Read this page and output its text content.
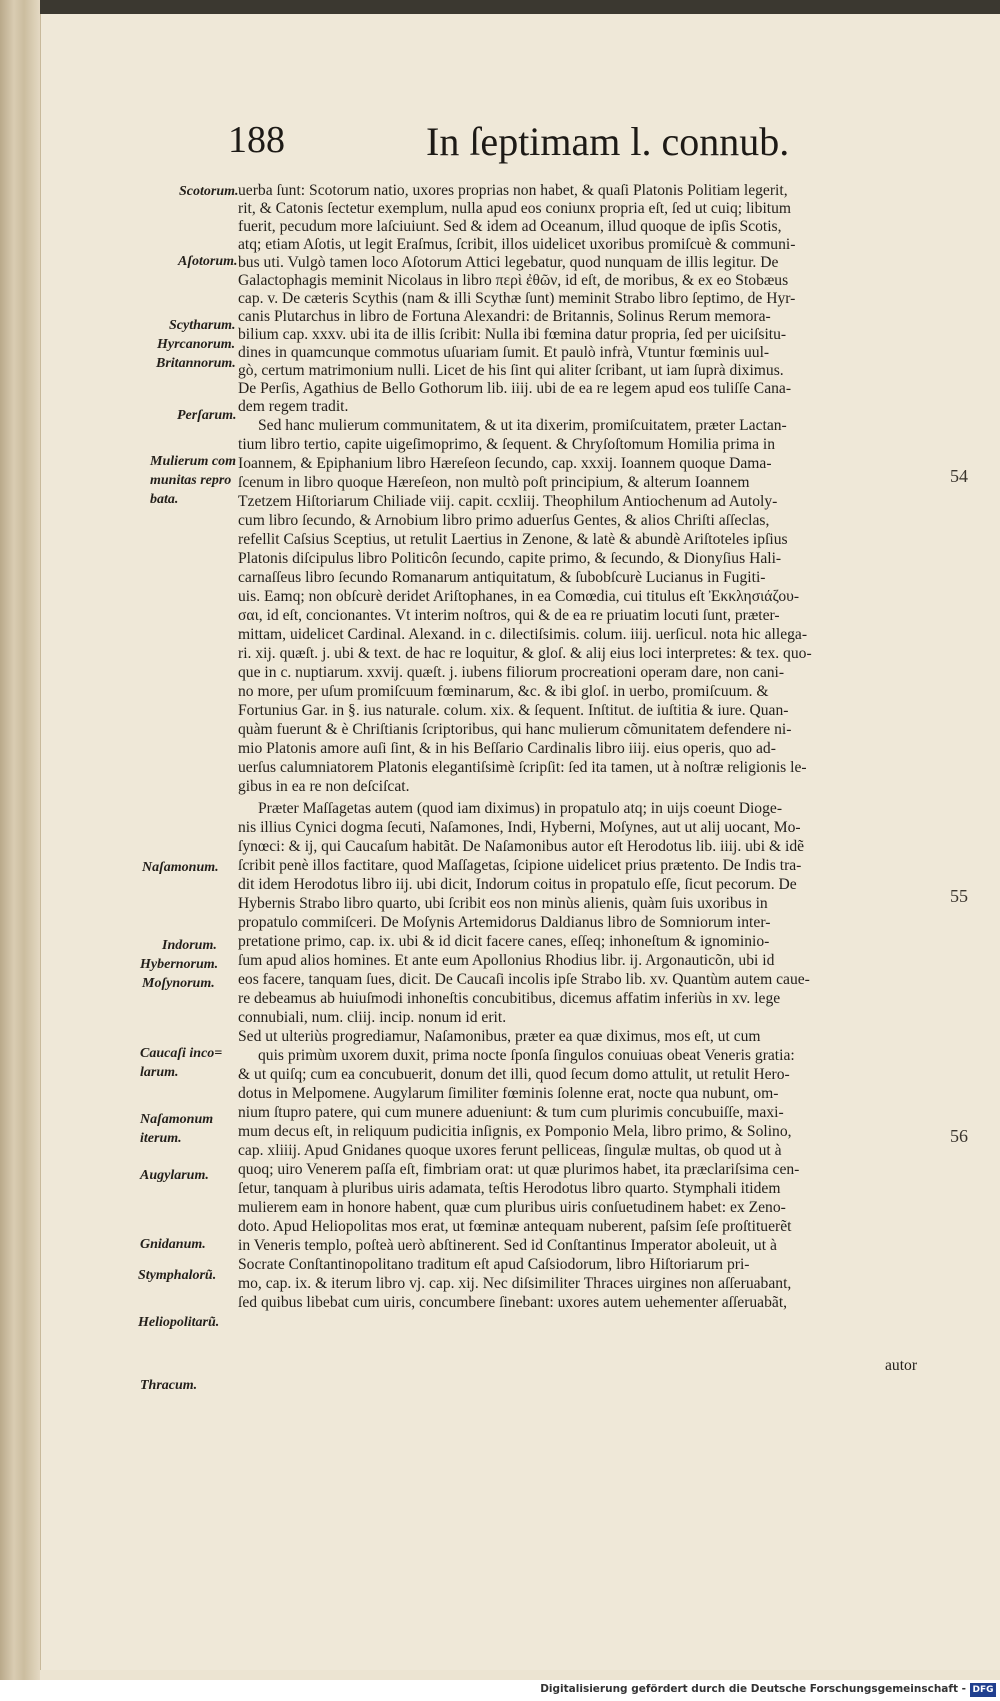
188	In ſeptimam l. connub.
uerba ſunt: Scotorum natio, uxores proprias non habet, & quaſi Platonis Politiam legerit,
rit, & Catonis ſectetur exemplum, nulla apud eos coniunx propria eſt, ſed ut cuiq; libitum
fuerit, pecudum more laſciuiunt. Sed & idem ad Oceanum, illud quoque de ipſis Scotis,
atq; etiam Aſotis, ut legit Eraſmus, ſcribit, illos uidelicet uxoribus promiſcuè & communi-
bus uti. Vulgò tamen loco Aſotorum Attici legebatur, quod nunquam de illis legitur. De
Galactophagis meminit Nicolaus in libro περὶ ἐθῶν, id eſt, de moribus, & ex eo Stobæus
cap. v. De cæteris Scythis (nam & illi Scythæ ſunt) meminit Strabo libro ſeptimo, de Hyr-
canis Plutarchus in libro de Fortuna Alexandri: de Britannis, Solinus Rerum memora-
bilium cap. xxxv. ubi ita de illis ſcribit: Nulla ibi fœmina datur propria, ſed per uiciſsitu-
dines in quamcunque commotus uſuariam ſumit. Et paulò infrà, Vtuntur fœminis uul-
gò, certum matrimonium nulli. Licet de his ſint qui aliter ſcribant, ut iam ſuprà diximus.
De Perſis, Agathius de Bello Gothorum lib. iiij. ubi de ea re legem apud eos tuliſſe Cana-
dem regem tradit.
Sed hanc mulierum communitatem, & ut ita dixerim, promiſcuitatem, præter Lactan-
tium libro tertio, capite uigeſimoprimo, & ſequent. & Chryſoſtomum Homilia prima in
Ioannem, & Epiphanium libro Hæreſeon ſecundo, cap. xxxij. Ioannem quoque Dama-
ſcenum in libro quoque Hæreſeon, non multò poſt principium, & alterum Ioannem
Tzetzem Hiſtoriarum Chiliade viij. capit. ccxliij. Theophilum Antiochenum ad Autoly-
cum libro ſecundo, & Arnobium libro primo aduerſus Gentes, & alios Chriſti aſſeclas,
refellit Caſsius Sceptius, ut retulit Laertius in Zenone, & latè & abundè Ariſtoteles ipſius
Platonis diſcipulus libro Politicôn ſecundo, capite primo, & ſecundo, & Dionyſius Hali-
carnaſſeus libro ſecundo Romanarum antiquitatum, & ſubobſcurè Lucianus in Fugiti-
uis. Eamq; non obſcurè deridet Ariſtophanes, in ea Comœdia, cui titulus eſt Ἐκκλησιάζου-
σαι, id eſt, concionantes. Vt interim noſtros, qui & de ea re priuatim locuti ſunt, præter-
mittam, uidelicet Cardinal. Alexand. in c. dilectiſsimis. colum. iiij. uerſicul. nota hic allega-
ri. xij. quæſt. j. ubi & text. de hac re loquitur, & gloſ. & alij eius loci interpretes: & tex. quo-
que in c. nuptiarum. xxvij. quæſt. j. iubens filiorum procreationi operam dare, non cani-
no more, per uſum promiſcuum fœminarum, &c. & ibi gloſ. in uerbo, promiſcuum. &
Fortunius Gar. in §. ius naturale. colum. xix. & ſequent. Inſtitut. de iuſtitia & iure. Quan-
quàm fuerunt & è Chriſtianis ſcriptoribus, qui hanc mulierum cõmunitatem defendere ni-
mio Platonis amore auſi ſint, & in his Beſſario Cardinalis libro iiij. eius operis, quo ad-
uerſus calumniatorem Platonis elegantiſsimè ſcripſit: ſed ita tamen, ut à noſtræ religionis le-
gibus in ea re non deſciſcat.
Præter Maſſagetas autem (quod iam diximus) in propatulo atq; in uijs coeunt Dioge-
nis illius Cynici dogma ſecuti, Naſamones, Indi, Hyberni, Moſynes, aut ut alij uocant, Mo-
ſynœci: & ij, qui Caucaſum habitãt. De Naſamonibus autor eſt Herodotus lib. iiij. ubi & idẽ
ſcribit penè illos factitare, quod Maſſagetas, ſcipione uidelicet prius prætento. De Indis tra-
dit idem Herodotus libro iij. ubi dicit, Indorum coitus in propatulo eſſe, ſicut pecorum. De
Hybernis Strabo libro quarto, ubi ſcribit eos non minùs alienis, quàm ſuis uxoribus in
propatulo commiſceri. De Moſynis Artemidorus Daldianus libro de Somniorum inter-
pretatione primo, cap. ix. ubi & id dicit facere canes, eſſeq; inhoneſtum & ignominio-
ſum apud alios homines. Et ante eum Apollonius Rhodius libr. ij. Argonauticõn, ubi id
eos facere, tanquam ſues, dicit. De Caucaſi incolis ipſe Strabo lib. xv. Quantùm autem caue-
re debeamus ab huiuſmodi inhoneſtis concubitibus, dicemus affatim inferiùs in xv. lege
connubiali, num. cliij. incip. nonum id erit.
Sed ut ulteriùs progrediamur, Naſamonibus, præter ea quæ diximus, mos eſt, ut cum
quis primùm uxorem duxit, prima nocte ſponſa ſingulos conuiuas obeat Veneris gratia:
& ut quiſq; cum ea concubuerit, donum det illi, quod ſecum domo attulit, ut retulit Hero-
dotus in Melpomene. Augylarum ſimiliter fœminis ſolenne erat, nocte qua nubunt, om-
nium ſtupro patere, qui cum munere adueniunt: & tum cum plurimis concubuiſſe, maxi-
mum decus eſt, in reliquum pudicitia inſignis, ex Pomponio Mela, libro primo, & Solino,
cap. xliiij. Apud Gnidanes quoque uxores ferunt pelliceas, ſingulæ multas, ob quod ut à
quoq; uiro Venerem paſſa eſt, fimbriam orat: ut quæ plurimos habet, ita præclariſsima cen-
ſetur, tanquam à pluribus uiris adamata, teſtis Herodotus libro quarto. Stymphali itidem
mulierem eam in honore habent, quæ cum pluribus uiris conſuetudinem habet: ex Zeno-
doto. Apud Heliopolitas mos erat, ut fœminæ antequam nuberent, paſsim ſeſe proſtituerẽt
in Veneris templo, poſteà uerò abſtinerent. Sed id Conſtantinus Imperator aboleuit, ut à
Socrate Conſtantinopolitano traditum eſt apud Caſsiodorum, libro Hiſtoriarum pri-
mo, cap. ix. & iterum libro vj. cap. xij. Nec diſsimiliter Thraces uirgines non aſſeruabant,
ſed quibus libebat cum uiris, concumbere ſinebant: uxores autem uehementer aſſeruabãt,
autor
Scotorum.
Aſotorum.
Scytharum.
Hyrcanorum.
Britannorum.
Perſarum.
Mulierum com
munitas repro
bata.
Naſamonum.
Indorum.
Hybernorum.
Moſynorum.
Caucaſi inco=
larum.
Naſamonum
iterum.
Augylarum.
Gnidanum.
Stymphalorũ.
Heliopolitarũ.
Thracum.
54
55
56
Digitalisierung gefördert durch die Deutsche Forschungsgemeinschaft - DFG
